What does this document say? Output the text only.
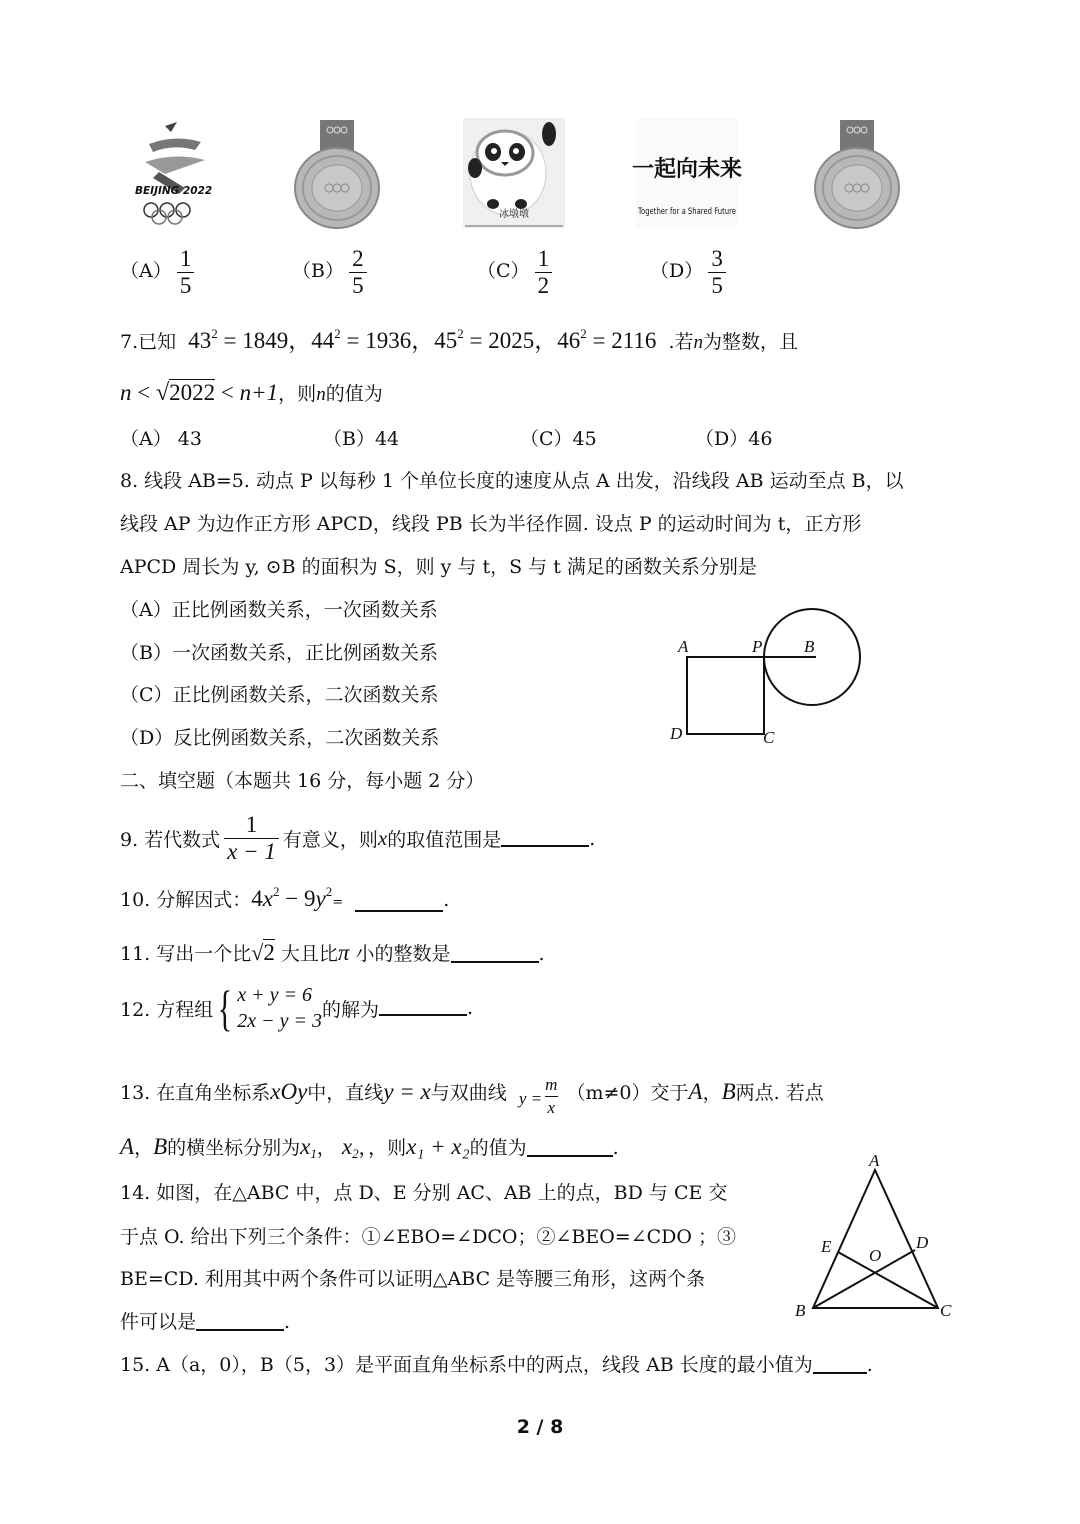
BEIJING 2022
冰墩墩
一起向未来
Together for a Shared Future
$(A) \frac{1}{5}$	$(B) \frac{2}{5}$	$(C) \frac{1}{2}$	$(D) \frac{3}{5}$
7.已知 $43^2 = 1849$，$44^2 = 1936$，$45^2 = 2025$，$46^2 = 2116$ .若n为整数，且
n < √2022 < n+1，则n的值为
（A） 43	（B）44	（C）45	（D）46
8. 线段 AB=5. 动点 P 以每秒 1 个单位长度的速度从点 A 出发，沿线段 AB 运动至点 B，以
线段 AP 为边作正方形 APCD，线段 PB 长为半径作圆. 设点 P 的运动时间为 t，正方形
APCD 周长为 y, ⊙B 的面积为 S，则 y 与 t，S 与 t 满足的函数关系分别是
（A）正比例函数关系，一次函数关系
（B）一次函数关系，正比例函数关系
（C）正比例函数关系，二次函数关系
（D）反比例函数关系，二次函数关系
A	P B
D	C
二、填空题（本题共 16 分，每小题 2 分）
9. 若代数式 $\frac{1}{x - 1}$ 有意义，则 x 的取值范围是	.
10. 分解因式：$4x^2 - 9y^2=$	.
11. 写出一个比√2 大且比π 小的整数是	.
12. 方程组 { x + y = 6
2x − y = 3
的解为	.
13. 在直角坐标系 xOy 中，直线 y = x 与双曲线
$y = \frac{m}{x}$
（m≠0） 交于 A ， B 两点. 若点
A，B的横坐标分别为$x_1$， $x_2$，，则x₁ + x₂的值为	.
14. 如图，在△ABC 中，点 D、E 分别 AC、AB 上的点，BD 与 CE 交
于点 O. 给出下列三个条件：①∠EBO=∠DCO；②∠BEO=∠CDO ；③
BE=CD. 利用其中两个条件可以证明△ABC 是等腰三角形，这两个条
件可以是	.
A
B	C
D
E O
15. A（a，0），B（5，3）是平面直角坐标系中的两点，线段 AB 长度的最小值为	.
2 / 8
